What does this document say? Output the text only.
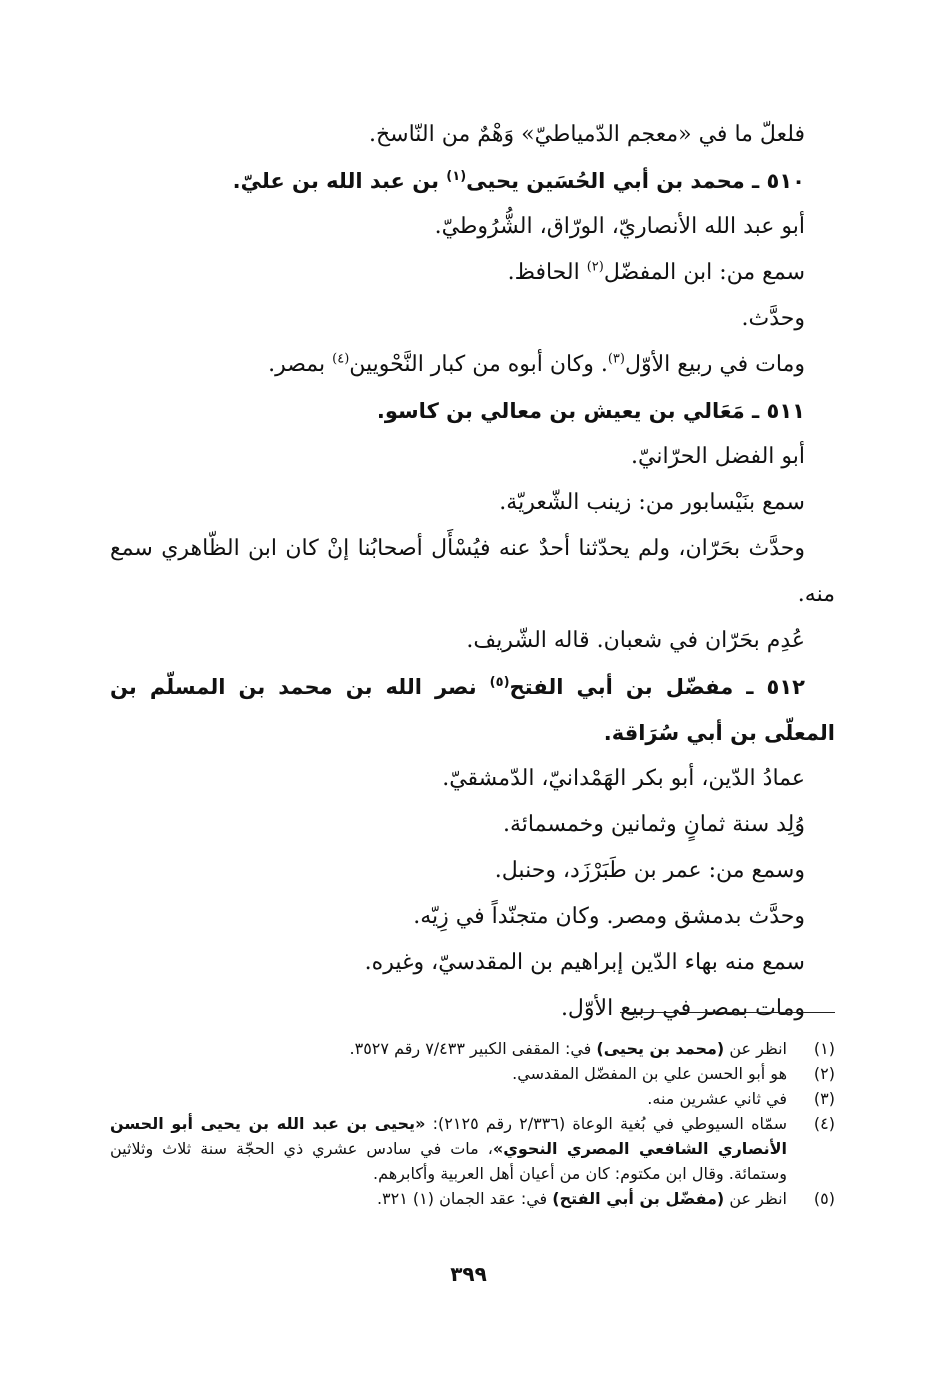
فلعلّ ما في «معجم الدّمياطيّ» وَهْمٌ من النّاسخ.

٥١٠ ـ محمد بن أبي الحُسَين يحيى$^{(١)}$ بن عبد الله بن عليّ.

أبو عبد الله الأنصاريّ، الورّاق، الشُّرُوطيّ.

سمع من: ابن المفضّل$^{(٢)}$ الحافظ.

وحدَّث.

ومات في ربيع الأوّل$^{(٣)}$. وكان أبوه من كبار النَّحْويين$^{(٤)}$ بمصر.

٥١١ ـ مَعَالي بن يعيش بن معالي بن كاسو.

أبو الفضل الحرّانيّ.

سمع بنَيْسابور من: زينب الشّعريّة.

وحدَّث بحَرّان، ولم يحدّثنا أحدٌ عنه فيُسْأَل أصحابُنا إنْ كان ابن الظّاهري سمع منه.

عُدِم بحَرّان في شعبان. قاله الشّريف.

٥١٢ ـ مفضّل بن أبي الفتح$^{(٥)}$ نصر الله بن محمد بن المسلّم بن المعلّى بن أبي سُرَاقة.

عمادُ الدّين، أبو بكر الهَمْدانيّ، الدّمشقيّ.

وُلِد سنة ثمانٍ وثمانين وخمسمائة.

وسمع من: عمر بن طَبَرْزَد، وحنبل.

وحدَّث بدمشق ومصر. وكان متجنّداً في زِيّه.

سمع منه بهاء الدّين إبراهيم بن المقدسيّ، وغيره.

ومات بمصر في ربيع الأوّل.

(١)
انظر عن (محمد بن يحيى) في: المقفى الكبير ٧/٤٣٣ رقم ٣٥٢٧.
(٢)
هو أبو الحسن علي بن المفضّل المقدسي.
(٣)
في ثاني عشرين منه.
(٤)
سمّاه السيوطي في بُغية الوعاة (٢/٣٣٦ رقم ٢١٢٥): «يحيى بن عبد الله بن يحيى أبو الحسن الأنصاري الشافعي المصري النحوي»، مات في سادس عشري ذي الحجّة سنة ثلاث وثلاثين وستمائة. وقال ابن مكتوم: كان من أعيان أهل العربية وأكابرهم.
(٥)
انظر عن (مفضّل بن أبي الفتح) في: عقد الجمان (١) ٣٢١.
٣٩٩
